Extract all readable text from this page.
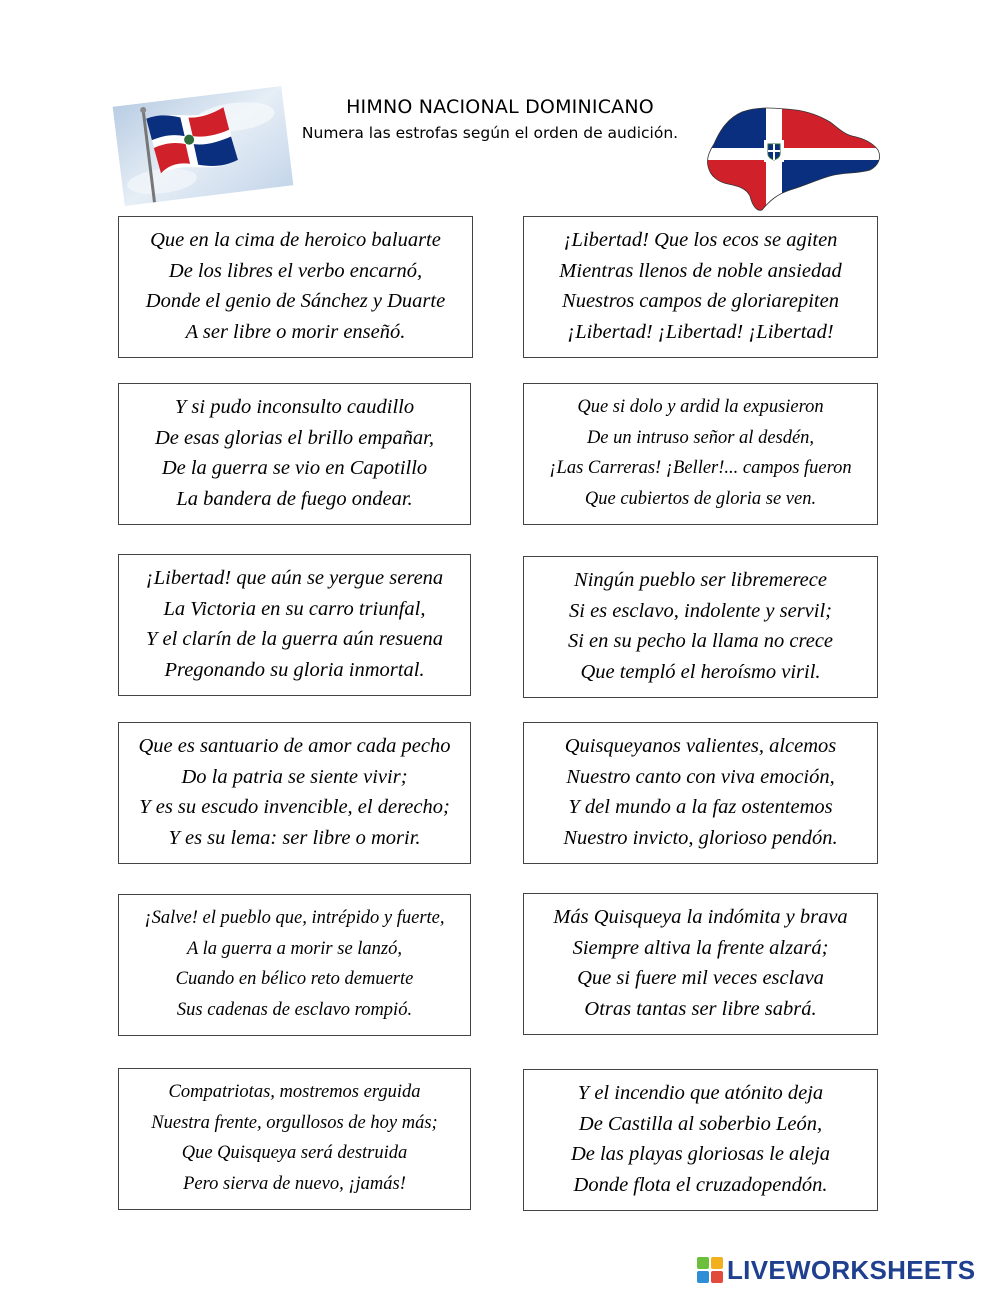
HIMNO NACIONAL DOMINICANO
Numera las estrofas según el orden de audición.
Que en la cima de heroico baluarte
De los libres el verbo encarnó,
Donde el genio de Sánchez y Duarte
A ser libre o morir enseñó.
Y si pudo inconsulto caudillo
De esas glorias el brillo empañar,
De la guerra se vio en Capotillo
La bandera de fuego ondear.
¡Libertad! que aún se yergue serena
La Victoria en su carro triunfal,
Y el clarín de la guerra aún resuena
Pregonando su gloria inmortal.
Que es santuario de amor cada pecho
Do la patria se siente vivir;
Y es su escudo invencible, el derecho;
Y es su lema: ser libre o morir.
¡Salve! el pueblo que, intrépido y fuerte,
A la guerra a morir se lanzó,
Cuando en bélico reto demuerte
Sus cadenas de esclavo rompió.
Compatriotas, mostremos erguida
Nuestra frente, orgullosos de hoy más;
Que Quisqueya será destruida
Pero sierva de nuevo, ¡jamás!
¡Libertad! Que los ecos se agiten
Mientras llenos de noble ansiedad
Nuestros campos de gloriarepiten
¡Libertad! ¡Libertad! ¡Libertad!
Que si dolo y ardid la expusieron
De un intruso señor al desdén,
¡Las Carreras! ¡Beller!... campos fueron
Que cubiertos de gloria se ven.
Ningún pueblo ser libremerece
Si es esclavo, indolente y servil;
Si en su pecho la llama no crece
Que templó el heroísmo viril.
Quisqueyanos valientes, alcemos
Nuestro canto con viva emoción,
Y del mundo a la faz ostentemos
Nuestro invicto, glorioso pendón.
Más Quisqueya la indómita y brava
Siempre altiva la frente alzará;
Que si fuere mil veces esclava
Otras tantas ser libre sabrá.
Y el incendio que atónito deja
De Castilla al soberbio León,
De las playas gloriosas le aleja
Donde flota el cruzadopendón.
LIVEWORKSHEETS
